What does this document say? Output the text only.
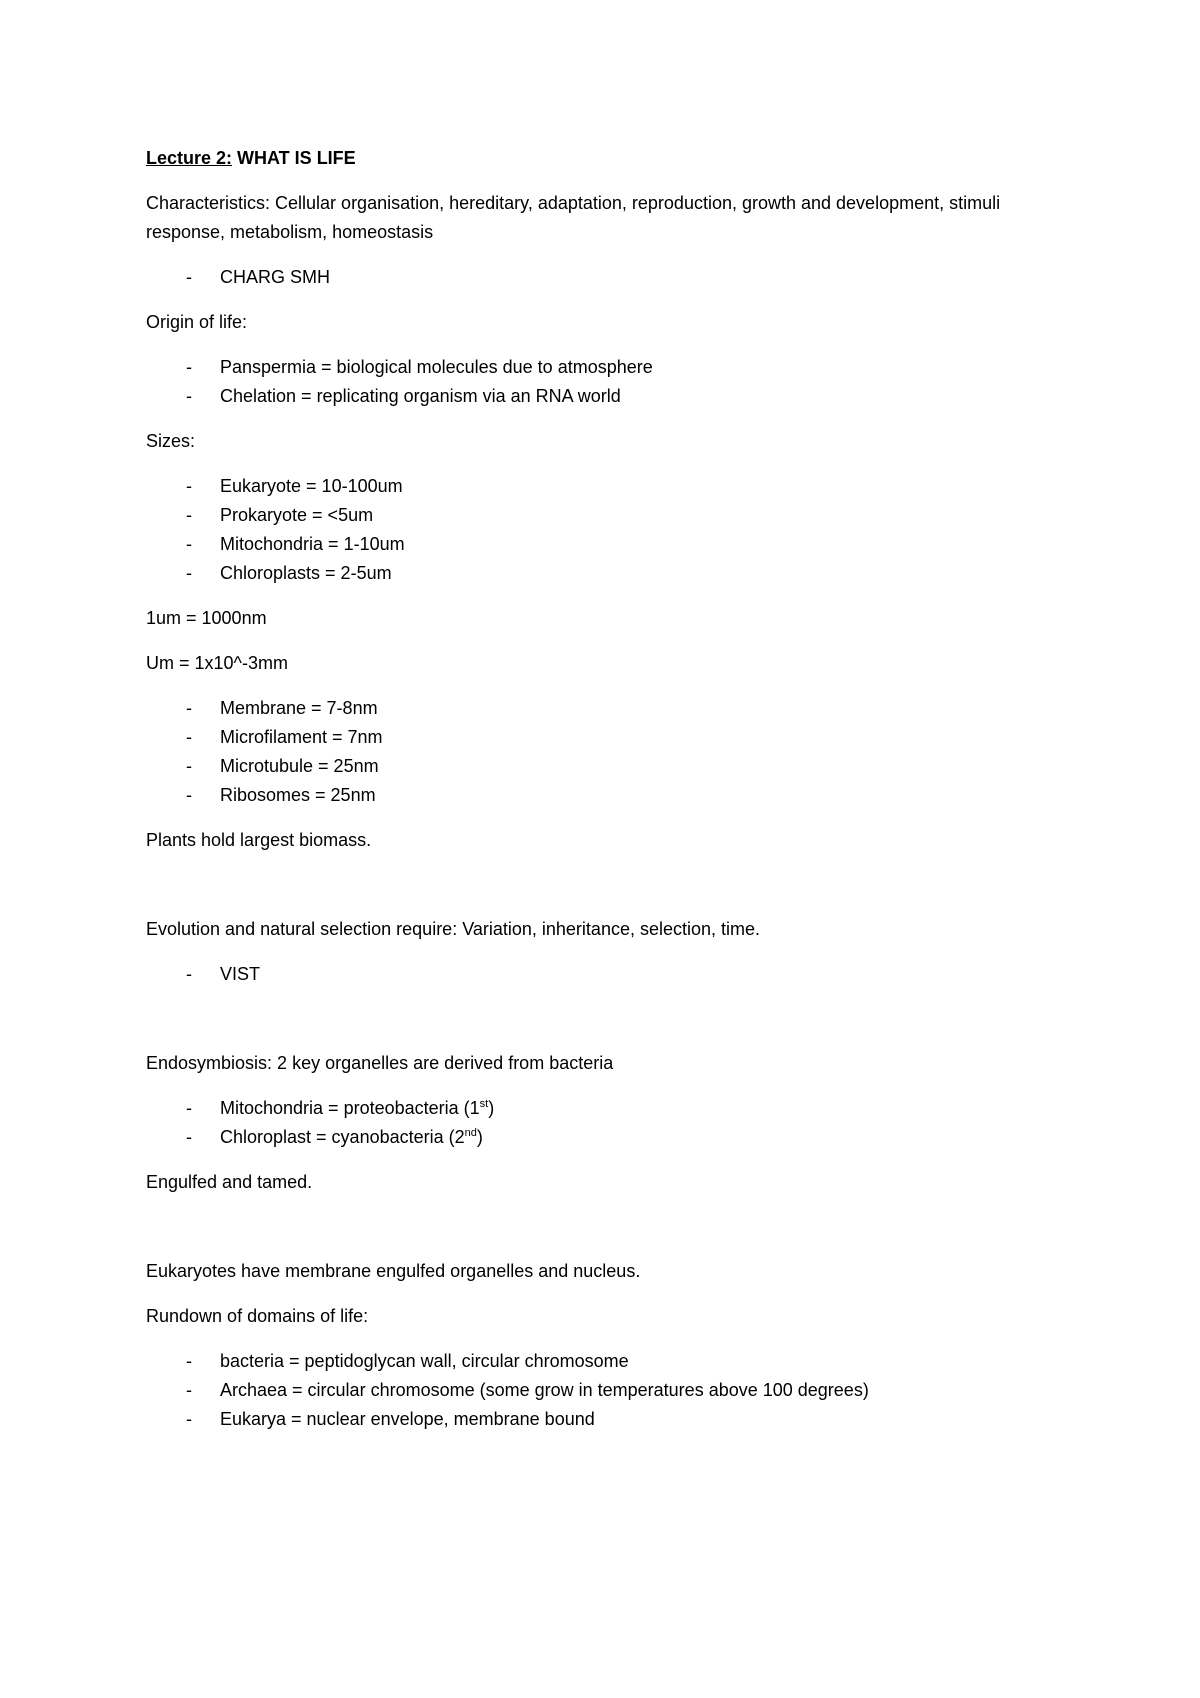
Lecture 2: WHAT IS LIFE

Characteristics: Cellular organisation, hereditary, adaptation, reproduction, growth and development, stimuli response, metabolism, homeostasis

- CHARG SMH

Origin of life:

- Panspermia = biological molecules due to atmosphere
- Chelation = replicating organism via an RNA world

Sizes:

- Eukaryote = 10-100um
- Prokaryote = <5um
- Mitochondria = 1-10um
- Chloroplasts = 2-5um

1um = 1000nm

Um = 1x10^-3mm

- Membrane = 7-8nm
- Microfilament = 7nm
- Microtubule = 25nm
- Ribosomes = 25nm

Plants hold largest biomass.

Evolution and natural selection require: Variation, inheritance, selection, time.

- VIST

Endosymbiosis: 2 key organelles are derived from bacteria

- Mitochondria = proteobacteria (1st)
- Chloroplast = cyanobacteria (2nd)

Engulfed and tamed.

Eukaryotes have membrane engulfed organelles and nucleus.

Rundown of domains of life:

- bacteria = peptidoglycan wall, circular chromosome
- Archaea = circular chromosome (some grow in temperatures above 100 degrees)
- Eukarya = nuclear envelope, membrane bound
